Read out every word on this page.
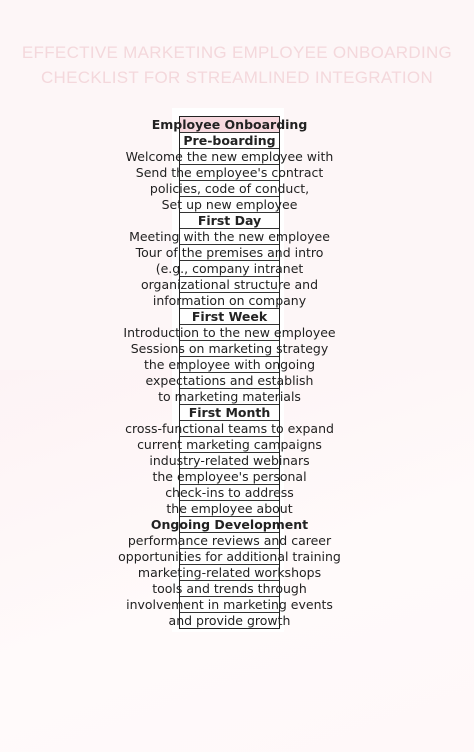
EFFECTIVE MARKETING EMPLOYEE ONBOARDING
CHECKLIST FOR STREAMLINED INTEGRATION
Employee Onboarding
Pre-boarding
Welcome the new employee with
Send the employee's contract
policies, code of conduct,
Set up new employee
First Day
Meeting with the new employee
Tour of the premises and intro
(e.g., company intranet
organizational structure and
information on company
First Week
Introduction to the new employee
Sessions on marketing strategy
the employee with ongoing
expectations and establish
to marketing materials
First Month
cross-functional teams to expand
current marketing campaigns
industry-related webinars
the employee's personal
check-ins to address
the employee about
Ongoing Development
performance reviews and career
opportunities for additional training
marketing-related workshops
tools and trends through
involvement in marketing events
and provide growth
